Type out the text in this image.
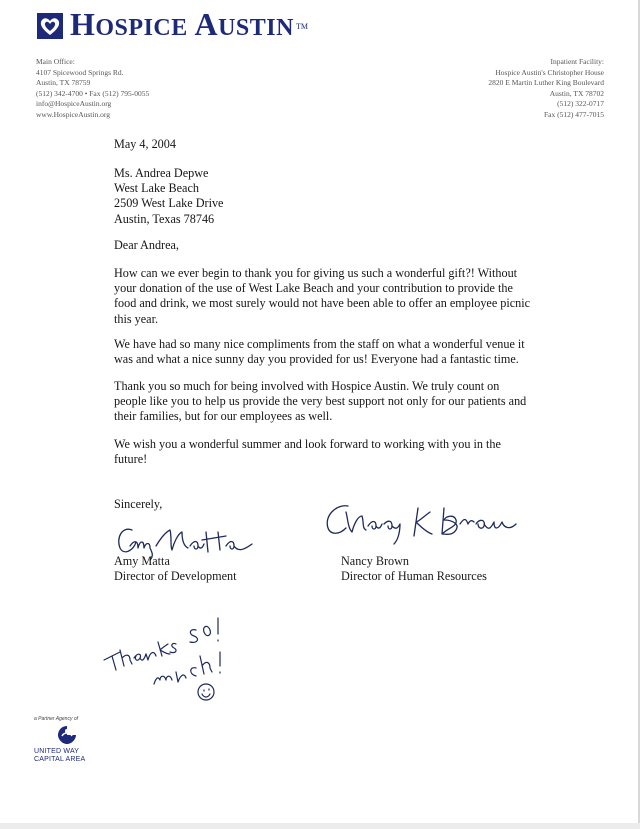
HOSPICE AUSTIN TM
Main Office:
4107 Spicewood Springs Rd.
Austin, TX 78759
(512) 342-4700 • Fax (512) 795-0055
info@HospiceAustin.org
www.HospiceAustin.org
Inpatient Facility:
Hospice Austin's Christopher House
2820 E Martin Luther King Boulevard
Austin, TX 78702
(512) 322-0717
Fax (512) 477-7015
May 4, 2004
Ms. Andrea Depwe
West Lake Beach
2509 West Lake Drive
Austin, Texas 78746
Dear Andrea,
How can we ever begin to thank you for giving us such a wonderful gift?! Without
your donation of the use of West Lake Beach and your contribution to provide the
food and drink, we most surely would not have been able to offer an employee picnic
this year.
We have had so many nice compliments from the staff on what a wonderful venue it
was and what a nice sunny day you provided for us! Everyone had a fantastic time.
Thank you so much for being involved with Hospice Austin. We truly count on
people like you to help us provide the very best support not only for our patients and
their families, but for our employees as well.
We wish you a wonderful summer and look forward to working with you in the
future!
Sincerely,
Amy Matta
Director of Development
Nancy Brown
Director of Human Resources
a Partner Agency of
UNITED WAY
CAPITAL AREA
